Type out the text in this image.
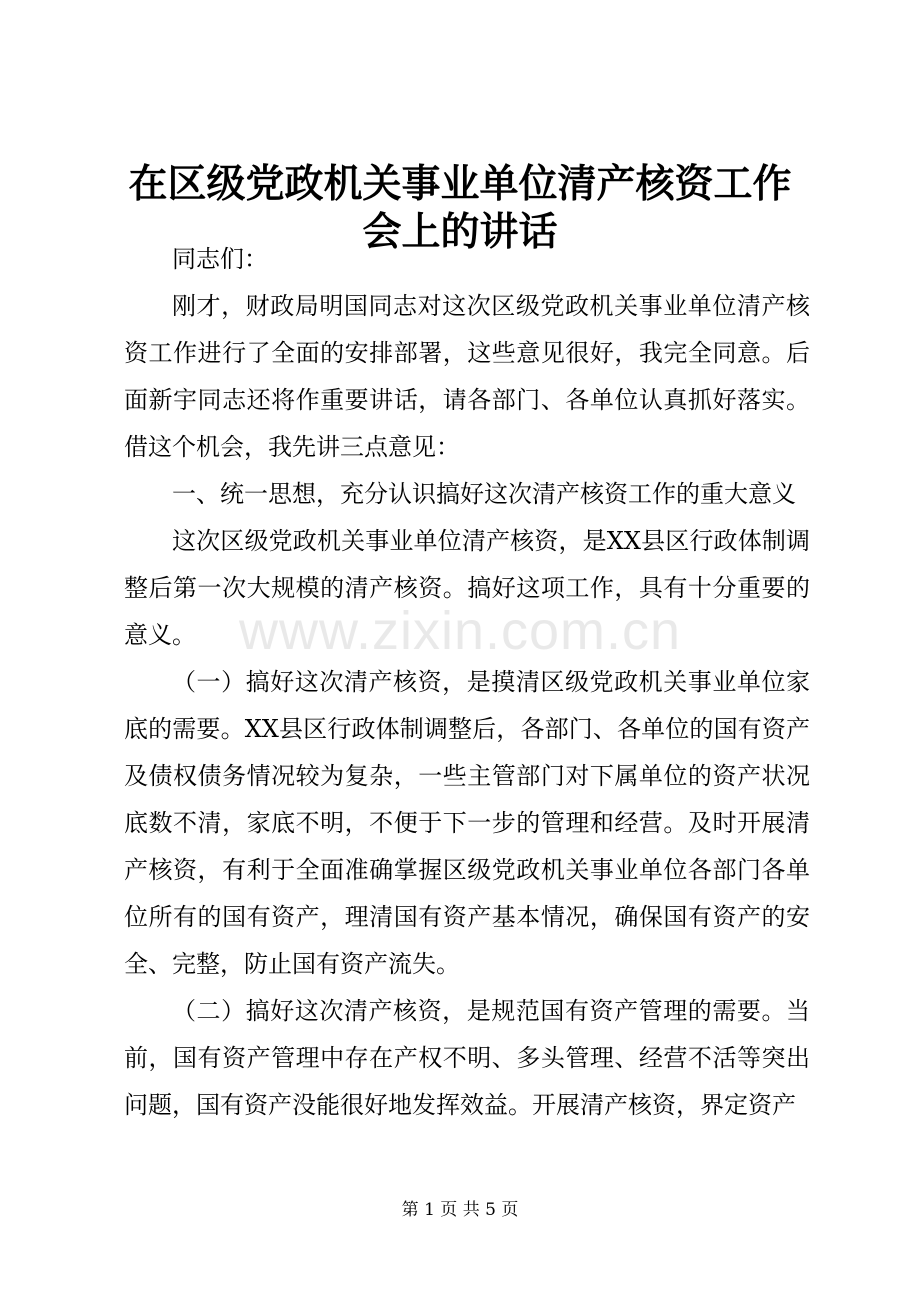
在区级党政机关事业单位清产核资工作会上的讲话
www.zixin.com.cn

同志们：

刚才，财政局明国同志对这次区级党政机关事业单位清产核资工作进行了全面的安排部署，这些意见很好，我完全同意。后面新宇同志还将作重要讲话，请各部门、各单位认真抓好落实。借这个机会，我先讲三点意见：

一、统一思想，充分认识搞好这次清产核资工作的重大意义

这次区级党政机关事业单位清产核资，是XX县区行政体制调整后第一次大规模的清产核资。搞好这项工作，具有十分重要的意义。

（一）搞好这次清产核资，是摸清区级党政机关事业单位家底的需要。XX县区行政体制调整后，各部门、各单位的国有资产及债权债务情况较为复杂，一些主管部门对下属单位的资产状况底数不清，家底不明，不便于下一步的管理和经营。及时开展清产核资，有利于全面准确掌握区级党政机关事业单位各部门各单位所有的国有资产，理清国有资产基本情况，确保国有资产的安全、完整，防止国有资产流失。

（二）搞好这次清产核资，是规范国有资产管理的需要。当前，国有资产管理中存在产权不明、多头管理、经营不活等突出问题，国有资产没能很好地发挥效益。开展清产核资，界定资产

第 1 页 共 5 页
